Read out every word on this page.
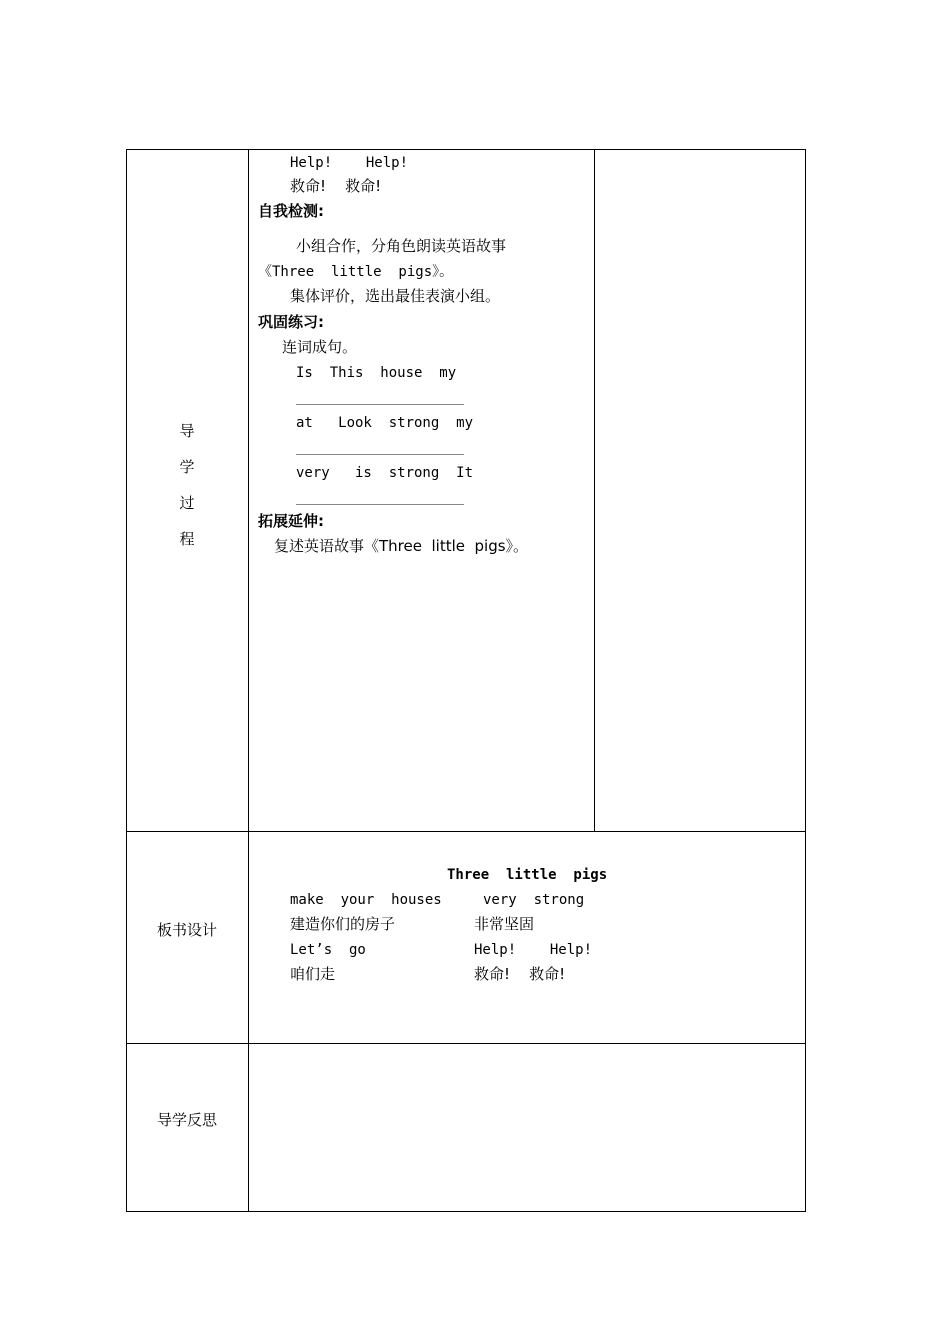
导
学
过
程
Help!    Help!
救命!    救命!
自我检测:
小组合作，分角色朗读英语故事
《Three  little  pigs》。
集体评价，选出最佳表演小组。
巩固练习:
连词成句。
Is  This  house  my
at   Look  strong  my
very   is  strong  It
拓展延伸:
复述英语故事《Three  little  pigs》。
板书设计
Three  little  pigs
make  your  houses
建造你们的房子
Let’s  go
咱们走
very  strong
非常坚固
Help!    Help!
救命!    救命!
导学反思
